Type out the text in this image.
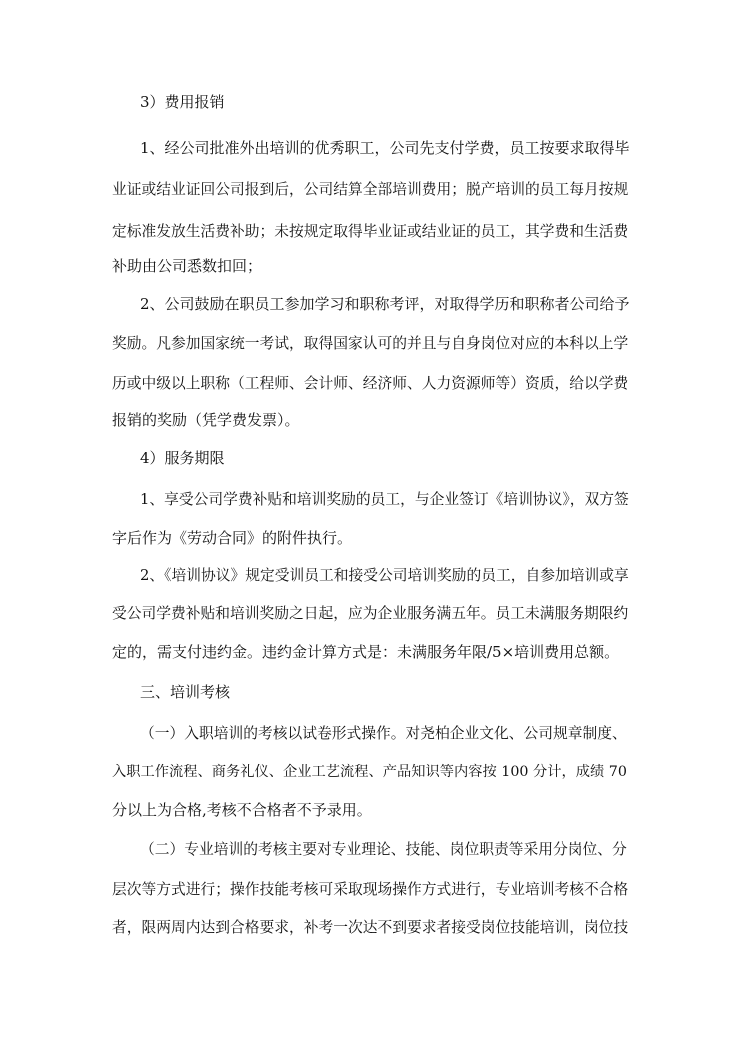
3）费用报销
1、经公司批准外出培训的优秀职工，公司先支付学费，员工按要求取得毕
业证或结业证回公司报到后，公司结算全部培训费用；脱产培训的员工每月按规
定标准发放生活费补助；未按规定取得毕业证或结业证的员工，其学费和生活费
补助由公司悉数扣回；
2、公司鼓励在职员工参加学习和职称考评，对取得学历和职称者公司给予
奖励。凡参加国家统一考试，取得国家认可的并且与自身岗位对应的本科以上学
历或中级以上职称（工程师、会计师、经济师、人力资源师等）资质，给以学费
报销的奖励（凭学费发票）。
4）服务期限
1、享受公司学费补贴和培训奖励的员工，与企业签订《培训协议》，双方签
字后作为《劳动合同》的附件执行。
2、《培训协议》规定受训员工和接受公司培训奖励的员工，自参加培训或享
受公司学费补贴和培训奖励之日起，应为企业服务满五年。员工未满服务期限约
定的，需支付违约金。违约金计算方式是：未满服务年限/5×培训费用总额。
三、培训考核
（一）入职培训的考核以试卷形式操作。对尧柏企业文化、公司规章制度、
入职工作流程、商务礼仪、企业工艺流程、产品知识等内容按 100 分计，成绩 70
分以上为合格,考核不合格者不予录用。
（二）专业培训的考核主要对专业理论、技能、岗位职责等采用分岗位、分
层次等方式进行；操作技能考核可采取现场操作方式进行，专业培训考核不合格
者，限两周内达到合格要求，补考一次达不到要求者接受岗位技能培训，岗位技
